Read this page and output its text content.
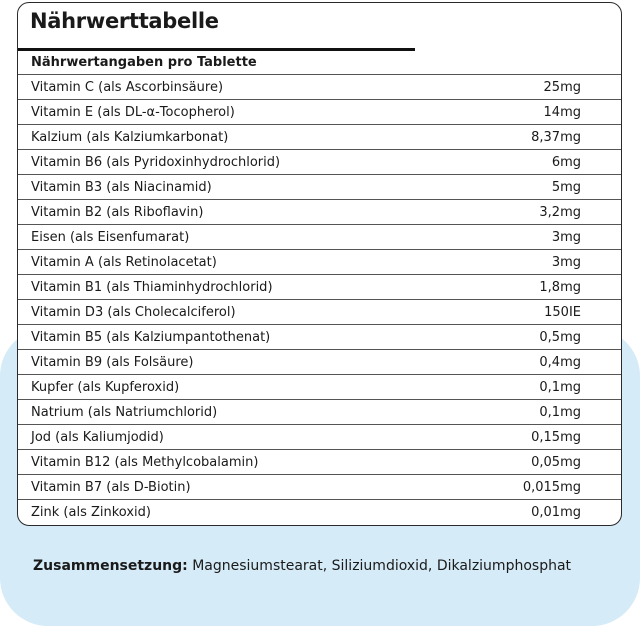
Nährwerttabelle
Nährwertangaben pro Tablette
Vitamin C (als Ascorbinsäure)	25mg
Vitamin E (als DL-α-Tocopherol)	14mg
Kalzium (als Kalziumkarbonat)	8,37mg
Vitamin B6 (als Pyridoxinhydrochlorid)	6mg
Vitamin B3 (als Niacinamid)	5mg
Vitamin B2 (als Riboflavin)	3,2mg
Eisen (als Eisenfumarat)	3mg
Vitamin A (als Retinolacetat)	3mg
Vitamin B1 (als Thiaminhydrochlorid)	1,8mg
Vitamin D3 (als Cholecalciferol)	150IE
Vitamin B5 (als Kalziumpantothenat)	0,5mg
Vitamin B9 (als Folsäure)	0,4mg
Kupfer (als Kupferoxid)	0,1mg
Natrium (als Natriumchlorid)	0,1mg
Jod (als Kaliumjodid)	0,15mg
Vitamin B12 (als Methylcobalamin)	0,05mg
Vitamin B7 (als D-Biotin)	0,015mg
Zink (als Zinkoxid)	0,01mg
Zusammensetzung: Magnesiumstearat, Siliziumdioxid, Dikalziumphosphat
